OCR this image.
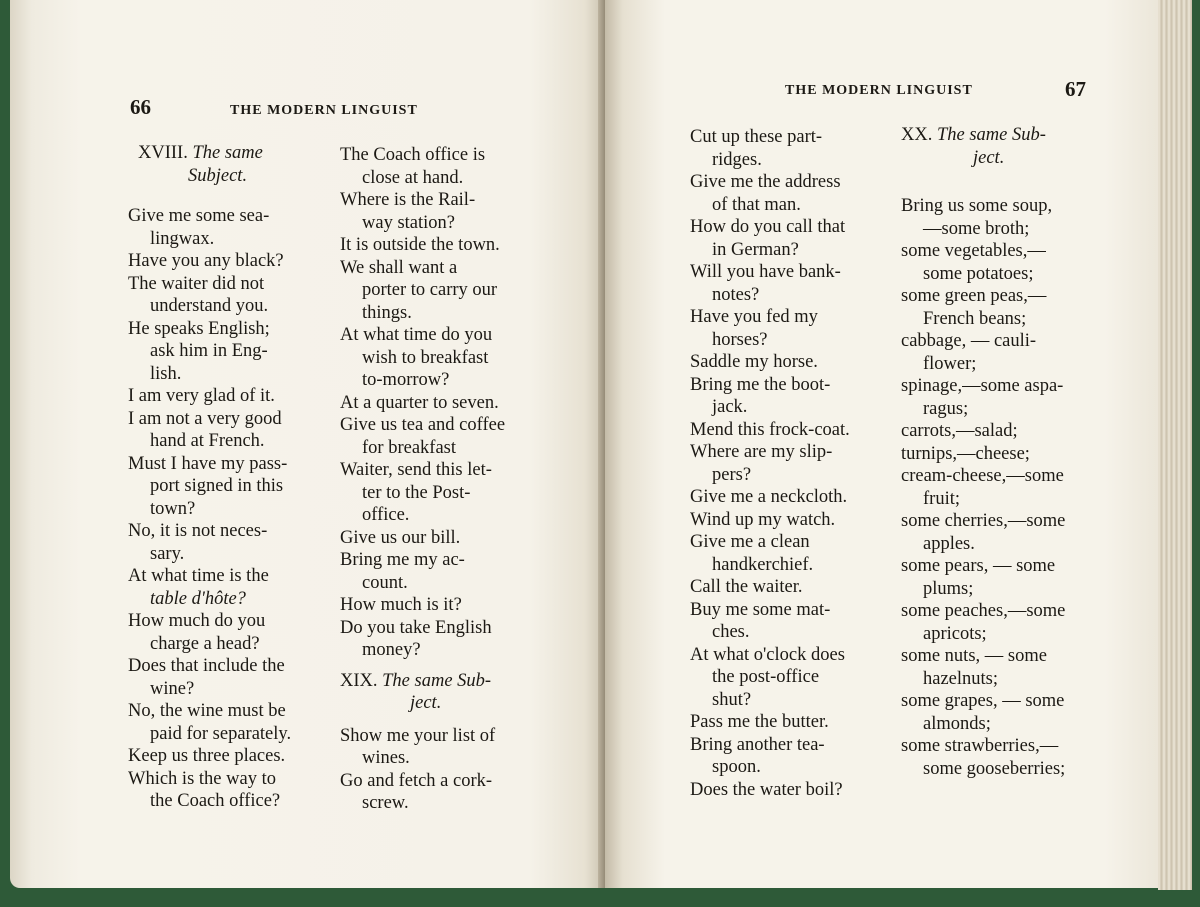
66	THE MODERN LINGUIST
XVIII. The same
Subject.

Give me some sea-
lingwax.

Have you any black?

The waiter did not
understand you.

He speaks English;
ask him in Eng-
lish.

I am very glad of it.

I am not a very good
hand at French.

Must I have my pass-
port signed in this
town?

No, it is not neces-
sary.

At what time is the
table d'hôte?

How much do you
charge a head?

Does that include the
wine?

No, the wine must be
paid for separately.

Keep us three places.

Which is the way to
the Coach office?

The Coach office is
close at hand.

Where is the Rail-
way station?

It is outside the town.

We shall want a
porter to carry our
things.

At what time do you
wish to breakfast
to-morrow?

At a quarter to seven.

Give us tea and coffee
for breakfast

Waiter, send this let-
ter to the Post-
office.

Give us our bill.

Bring me my ac-
count.

How much is it?

Do you take English
money?

XIX. The same Sub-
ject.

Show me your list of
wines.

Go and fetch a cork-
screw.

THE MODERN LINGUIST	67

Cut up these part-
ridges.

Give me the address
of that man.

How do you call that
in German?

Will you have bank-
notes?

Have you fed my
horses?

Saddle my horse.

Bring me the boot-
jack.

Mend this frock-coat.

Where are my slip-
pers?

Give me a neckcloth.

Wind up my watch.

Give me a clean
handkerchief.

Call the waiter.

Buy me some mat-
ches.

At what o'clock does
the post-office
shut?

Pass me the butter.

Bring another tea-
spoon.

Does the water boil?

XX. The same Sub-
ject.

Bring us some soup,
—some broth;

some vegetables,—
some potatoes;

some green peas,—
French beans;

cabbage, — cauli-
flower;

spinage,—some aspa-
ragus;

carrots,—salad;

turnips,—cheese;

cream-cheese,—some
fruit;

some cherries,—some
apples.

some pears, — some
plums;

some peaches,—some
apricots;

some nuts, — some
hazelnuts;

some grapes, — some
almonds;

some strawberries,—
some gooseberries;
